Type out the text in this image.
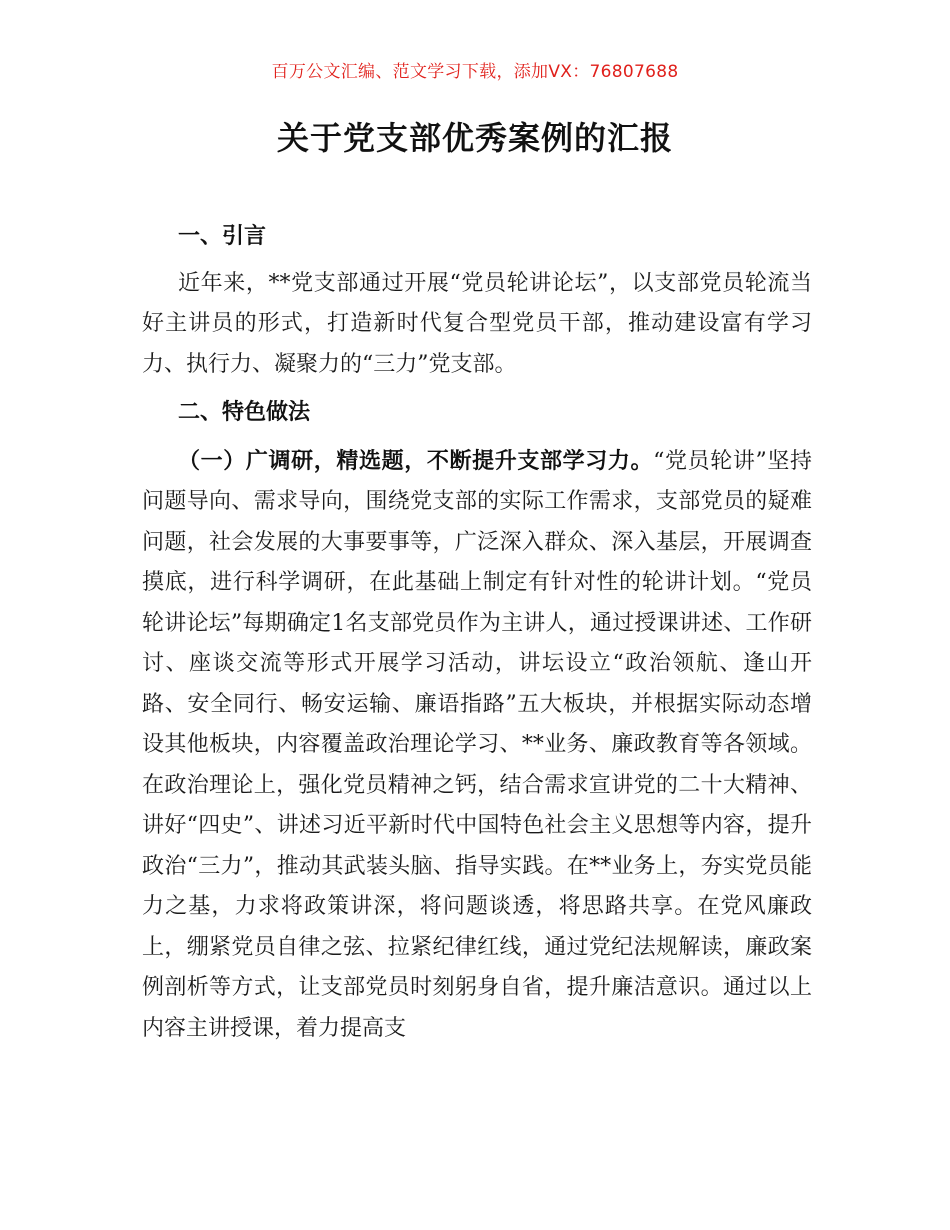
百万公文汇编、范文学习下载，添加VX：76807688
关于党支部优秀案例的汇报

一、引言

近年来，**党支部通过开展“党员轮讲论坛”，以支部党员轮流当好主讲员的形式，打造新时代复合型党员干部，推动建设富有学习力、执行力、凝聚力的“三力”党支部。

二、特色做法

（一）广调研，精选题，不断提升支部学习力。“党员轮讲”坚持问题导向、需求导向，围绕党支部的实际工作需求，支部党员的疑难问题，社会发展的大事要事等，广泛深入群众、深入基层，开展调查摸底，进行科学调研，在此基础上制定有针对性的轮讲计划。“党员轮讲论坛”每期确定1名支部党员作为主讲人，通过授课讲述、工作研讨、座谈交流等形式开展学习活动，讲坛设立“政治领航、逢山开路、安全同行、畅安运输、廉语指路”五大板块，并根据实际动态增设其他板块，内容覆盖政治理论学习、**业务、廉政教育等各领域。在政治理论上，强化党员精神之钙，结合需求宣讲党的二十大精神、讲好“四史”、讲述习近平新时代中国特色社会主义思想等内容，提升政治“三力”，推动其武装头脑、指导实践。在**业务上，夯实党员能力之基，力求将政策讲深，将问题谈透，将思路共享。在党风廉政上，绷紧党员自律之弦、拉紧纪律红线，通过党纪法规解读，廉政案例剖析等方式，让支部党员时刻躬身自省，提升廉洁意识。通过以上内容主讲授课，着力提高支
